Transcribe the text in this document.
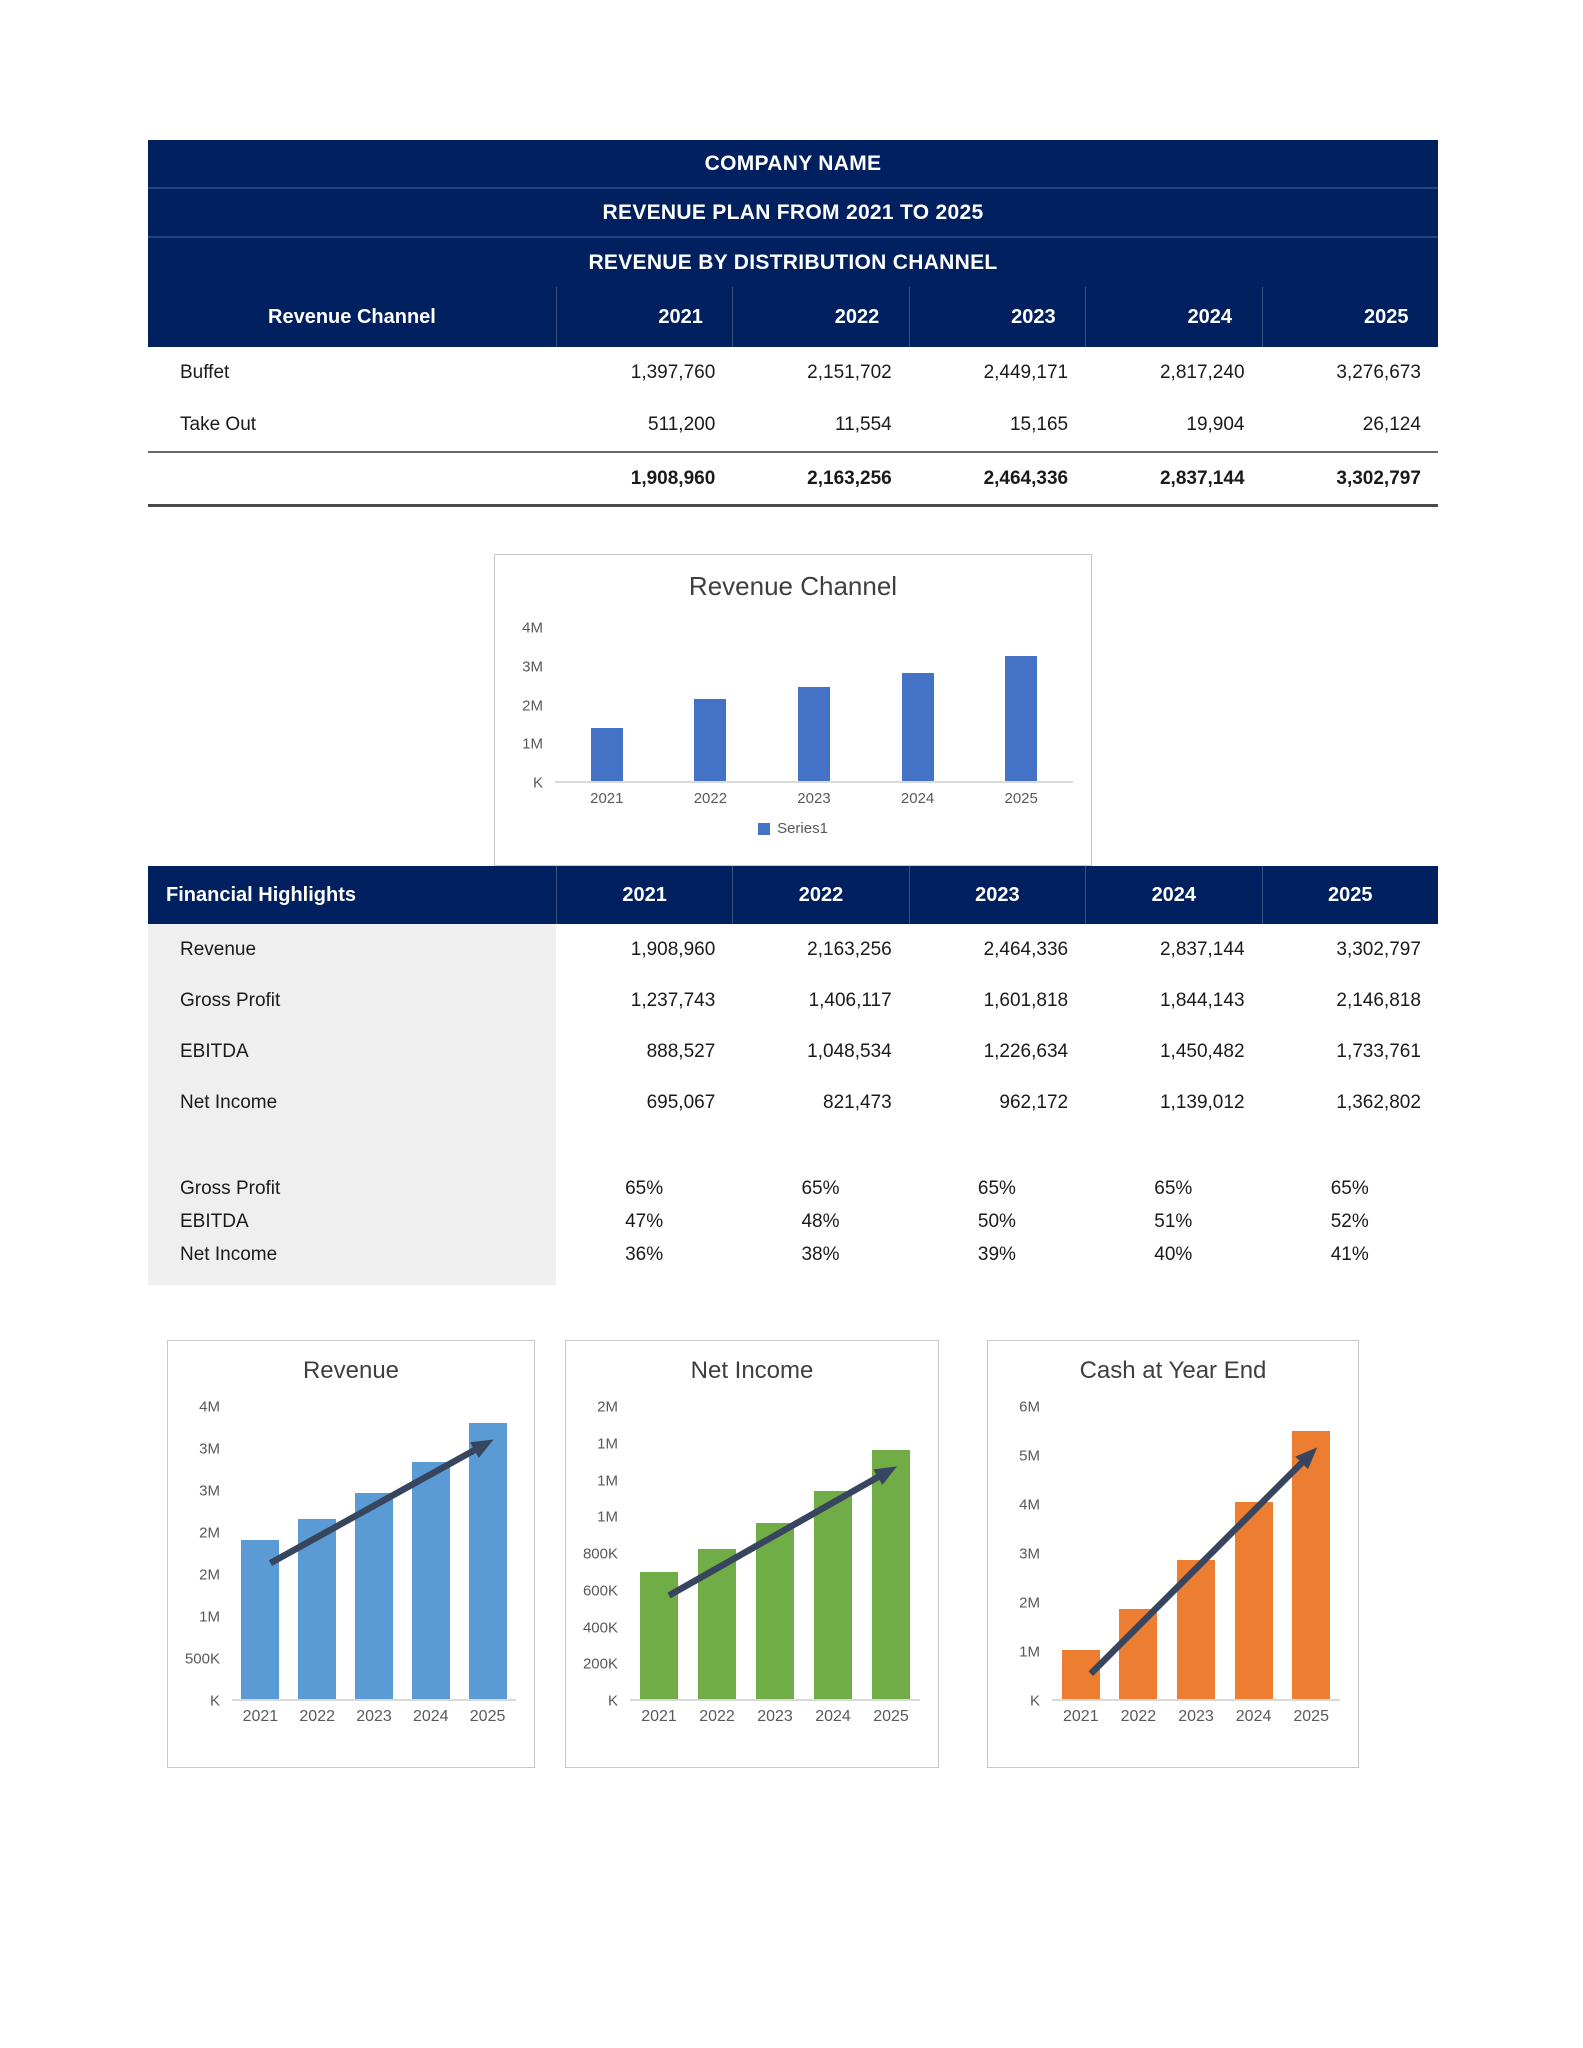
COMPANY NAME
REVENUE PLAN FROM 2021 TO 2025
REVENUE BY DISTRIBUTION CHANNEL
Revenue Channel	2021	2022	2023	2024	2025
Buffet	1,397,760	2,151,702	2,449,171	2,817,240	3,276,673
Take Out	511,200	11,554	15,165	19,904	26,124
1,908,960	2,163,256	2,464,336	2,837,144	3,302,797
Revenue Channel
4M
3M
2M
1M
K
2021	2022	2023	2024	2025
Series1
Financial Highlights	2021	2022	2023	2024	2025
Revenue	1,908,960	2,163,256	2,464,336	2,837,144	3,302,797
Gross Profit	1,237,743	1,406,117	1,601,818	1,844,143	2,146,818
EBITDA	888,527	1,048,534	1,226,634	1,450,482	1,733,761
Net Income	695,067	821,473	962,172	1,139,012	1,362,802
Gross Profit	65%	65%	65%	65%	65%
EBITDA	47%	48%	50%	51%	52%
Net Income	36%	38%	39%	40%	41%
Revenue
4M
3M
3M
2M
2M
1M
500K
K
2021	2022	2023	2024	2025
Net Income
2M
1M
1M
1M
800K
600K
400K
200K
K
2021	2022	2023	2024	2025
Cash at Year End
6M
5M
4M
3M
2M
1M
K
2021	2022	2023	2024	2025
